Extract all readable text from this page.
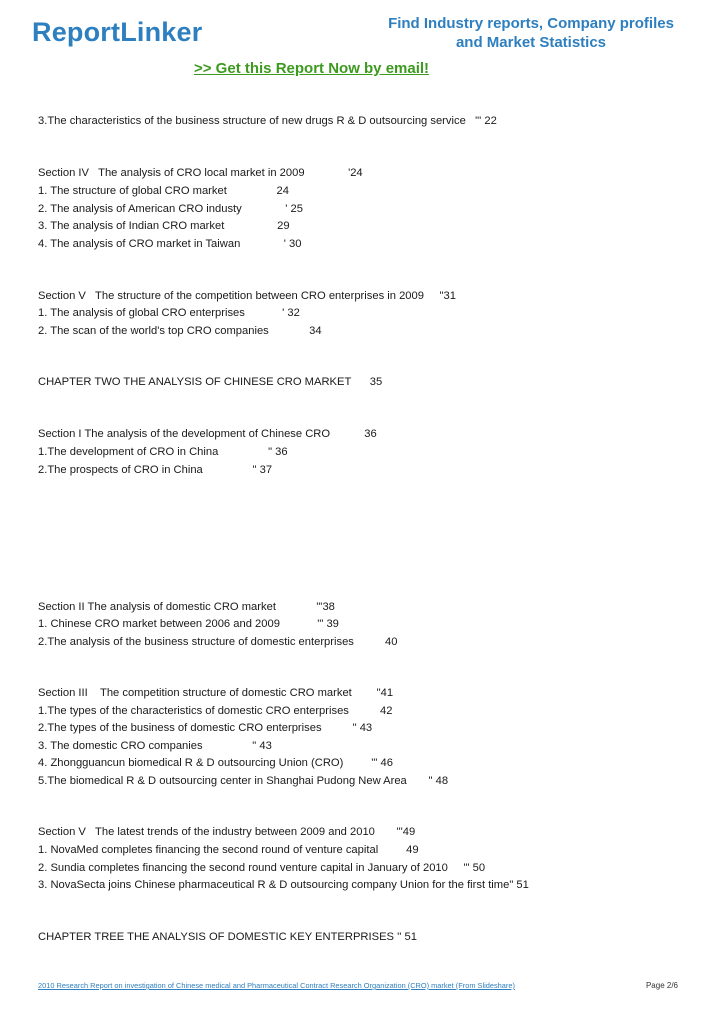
ReportLinker	Find Industry reports, Company profiles
and Market Statistics
>> Get this Report Now by email!
3.The characteristics of the business structure of new drugs R & D outsourcing service   "' 22
Section IV   The analysis of CRO local market in 2009              '24
1. The structure of global CRO market                24
2. The analysis of American CRO industy              ' 25
3. The analysis of Indian CRO market                 29
4. The analysis of CRO market in Taiwan              ' 30
Section V   The structure of the competition between CRO enterprises in 2009     "31
1. The analysis of global CRO enterprises            ' 32
2. The scan of the world's top CRO companies             34
CHAPTER TWO THE ANALYSIS OF CHINESE CRO MARKET      35
Section I The analysis of the development of Chinese CRO           36
1.The development of CRO in China                " 36
2.The prospects of CRO in China                " 37
Section II The analysis of domestic CRO market             "'38
1. Chinese CRO market between 2006 and 2009            '" 39
2.The analysis of the business structure of domestic enterprises          40
Section III    The competition structure of domestic CRO market        "41
1.The types of the characteristics of domestic CRO enterprises          42
2.The types of the business of domestic CRO enterprises          " 43
3. The domestic CRO companies                " 43
4. Zhongguancun biomedical R & D outsourcing Union (CRO)         '" 46
5.The biomedical R & D outsourcing center in Shanghai Pudong New Area       " 48
Section V   The latest trends of the industry between 2009 and 2010       "'49
1. NovaMed completes financing the second round of venture capital         49
2. Sundia completes financing the second round venture capital in January of 2010     '" 50
3. NovaSecta joins Chinese pharmaceutical R & D outsourcing company Union for the first time" 51
CHAPTER TREE THE ANALYSIS OF DOMESTIC KEY ENTERPRISES '' 51
2010 Research Report on investigation of Chinese medical and Pharmaceutical Contract Research Organization (CRO) market (From Slideshare)	Page 2/6
